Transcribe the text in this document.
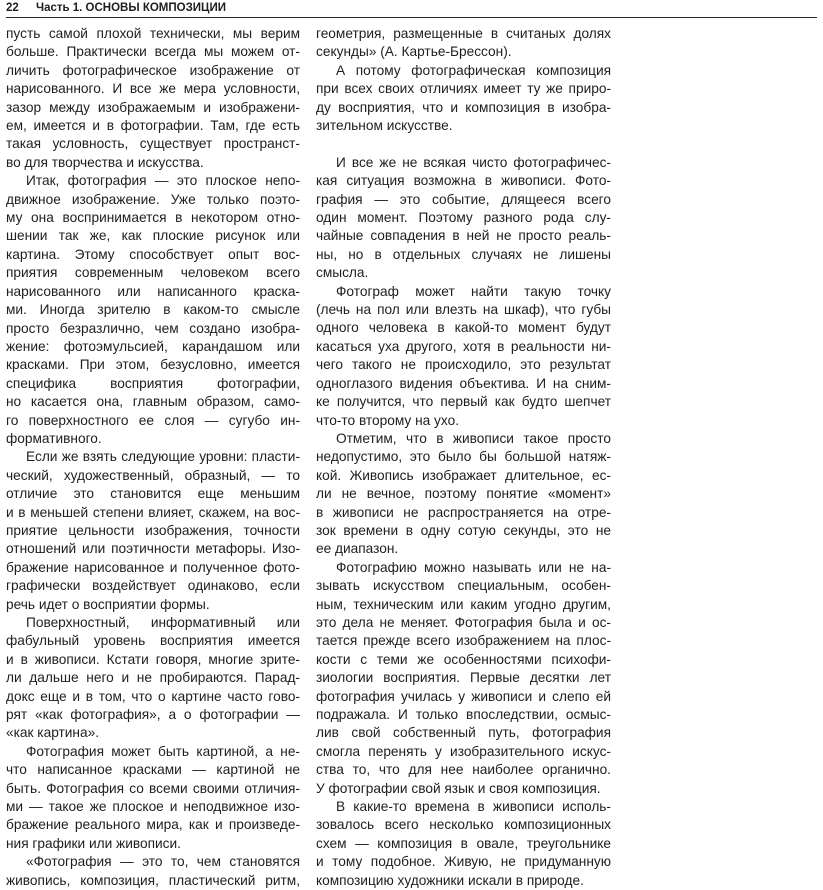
22 Часть 1. ОСНОВЫ КОМПОЗИЦИИ
пусть самой плохой технически, мы верим
больше. Практически всегда мы можем от-
личить фотографическое изображение от
нарисованного. И все же мера условности,
зазор между изображаемым и изображени-
ем, имеется и в фотографии. Там, где есть
такая условность, существует пространст-
во для творчества и искусства.
Итак, фотография — это плоское непо-
движное изображение. Уже только поэто-
му она воспринимается в некотором отно-
шении так же, как плоские рисунок или
картина. Этому способствует опыт вос-
приятия современным человеком всего
нарисованного или написанного краска-
ми. Иногда зрителю в каком-то смысле
просто безразлично, чем создано изобра-
жение: фотоэмульсией, карандашом или
красками. При этом, безусловно, имеется
специфика восприятия фотографии,
но касается она, главным образом, само-
го поверхностного ее слоя — сугубо ин-
формативного.
Если же взять следующие уровни: пласти-
ческий, художественный, образный, — то
отличие это становится еще меньшим
и в меньшей степени влияет, скажем, на вос-
приятие цельности изображения, точности
отношений или поэтичности метафоры. Изо-
бражение нарисованное и полученное фото-
графически воздействует одинаково, если
речь идет о восприятии формы.
Поверхностный, информативный или
фабульный уровень восприятия имеется
и в живописи. Кстати говоря, многие зрите-
ли дальше него и не пробираются. Парад-
докс еще и в том, что о картине часто гово-
рят «как фотография», а о фотографии —
«как картина».
Фотография может быть картиной, а не-
что написанное красками — картиной не
быть. Фотография со всеми своими отличия-
ми — такое же плоское и неподвижное изо-
бражение реального мира, как и произведе-
ния графики или живописи.
«Фотография — это то, чем становятся
живопись, композиция, пластический ритм,
геометрия, размещенные в считаных долях
секунды» (А. Картье-Брессон).
А потому фотографическая композиция
при всех своих отличиях имеет ту же приро-
ду восприятия, что и композиция в изобра-
зительном искусстве.
И все же не всякая чисто фотографичес-
кая ситуация возможна в живописи. Фото-
графия — это событие, длящееся всего
один момент. Поэтому разного рода слу-
чайные совпадения в ней не просто реаль-
ны, но в отдельных случаях не лишены
смысла.
Фотограф может найти такую точку
(лечь на пол или влезть на шкаф), что губы
одного человека в какой-то момент будут
касаться уха другого, хотя в реальности ни-
чего такого не происходило, это результат
одноглазого видения объектива. И на сним-
ке получится, что первый как будто шепчет
что-то второму на ухо.
Отметим, что в живописи такое просто
недопустимо, это было бы большой натяж-
кой. Живопись изображает длительное, ес-
ли не вечное, поэтому понятие «момент»
в живописи не распространяется на отре-
зок времени в одну сотую секунды, это не
ее диапазон.
Фотографию можно называть или не на-
зывать искусством специальным, особен-
ным, техническим или каким угодно другим,
это дела не меняет. Фотография была и ос-
тается прежде всего изображением на плос-
кости с теми же особенностями психофи-
зиологии восприятия. Первые десятки лет
фотография училась у живописи и слепо ей
подражала. И только впоследствии, осмыс-
лив свой собственный путь, фотография
смогла перенять у изобразительного искус-
ства то, что для нее наиболее органично.
У фотографии свой язык и своя композиция.
В какие-то времена в живописи исполь-
зовалось всего несколько композиционных
схем — композиция в овале, треугольнике
и тому подобное. Живую, не придуманную
композицию художники искали в природе.
